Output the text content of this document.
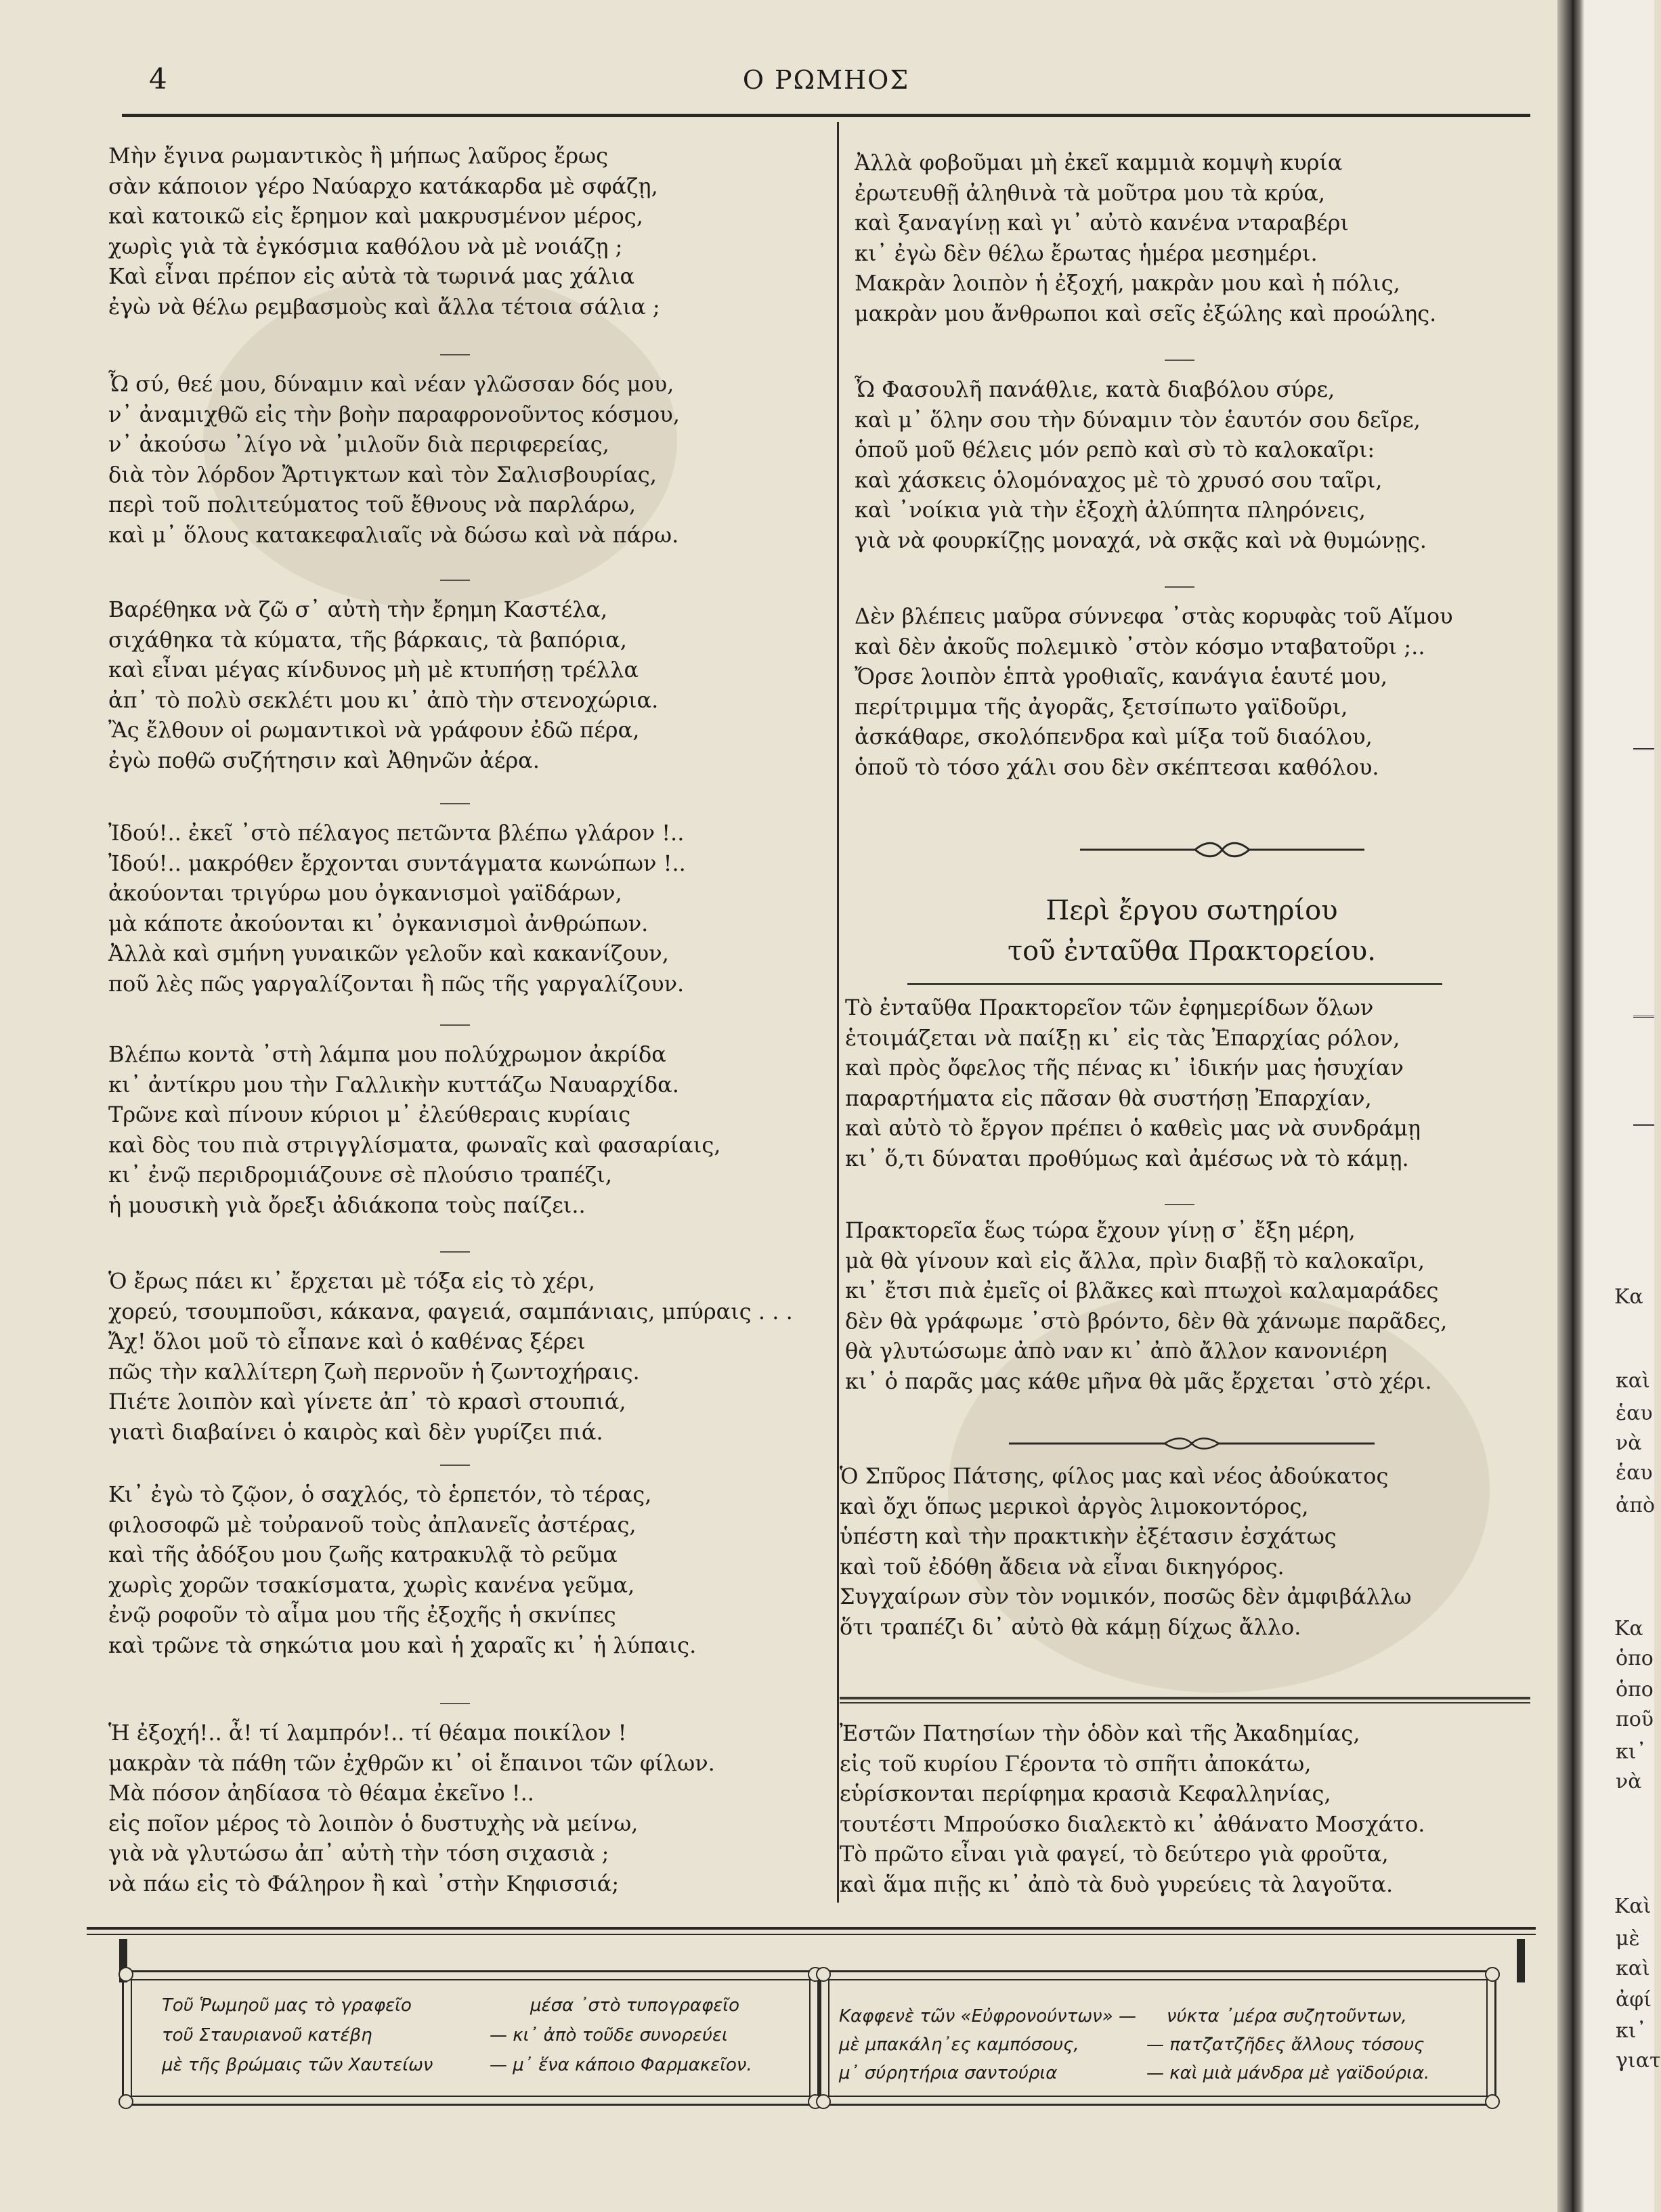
4	Ο ΡΩΜΗΟΣ
Μὴν ἔγινα ρωμαντικὸς ἢ μήπως λαῦρος ἔρως
σὰν κάποιον γέρο Ναύαρχο κατάκαρδα μὲ σφάζῃ,
καὶ κατοικῶ εἰς ἔρημον καὶ μακρυσμένον μέρος,
χωρὶς γιὰ τὰ ἐγκόσμια καθόλου νὰ μὲ νοιάζῃ ;
Καὶ εἶναι πρέπον εἰς αὐτὰ τὰ τωρινά μας χάλια
ἐγὼ νὰ θέλω ρεμβασμοὺς καὶ ἄλλα τέτοια σάλια ;
Ὦ σύ, θεέ μου, δύναμιν καὶ νέαν γλῶσσαν δός μου,
ν᾽ ἀναμιχθῶ εἰς τὴν βοὴν παραφρονοῦντος κόσμου,
ν᾽ ἀκούσω ᾽λίγο νὰ ᾽μιλοῦν διὰ περιφερείας,
διὰ τὸν λόρδον Ἄρτιγκτων καὶ τὸν Σαλισβουρίας,
περὶ τοῦ πολιτεύματος τοῦ ἔθνους νὰ παρλάρω,
καὶ μ᾽ ὅλους κατακεφαλιαῖς νὰ δώσω καὶ νὰ πάρω.
Βαρέθηκα νὰ ζῶ σ᾽ αὐτὴ τὴν ἔρημη Καστέλα,
σιχάθηκα τὰ κύματα, τῆς βάρκαις, τὰ βαπόρια,
καὶ εἶναι μέγας κίνδυνος μὴ μὲ κτυπήσῃ τρέλλα
ἀπ᾽ τὸ πολὺ σεκλέτι μου κι᾽ ἀπὸ τὴν στενοχώρια.
Ἂς ἔλθουν οἱ ρωμαντικοὶ νὰ γράφουν ἐδῶ πέρα,
ἐγὼ ποθῶ συζήτησιν καὶ Ἀθηνῶν ἀέρα.
Ἰδού!.. ἐκεῖ ᾽στὸ πέλαγος πετῶντα βλέπω γλάρον !..
Ἰδού!.. μακρόθεν ἔρχονται συντάγματα κωνώπων !..
ἀκούονται τριγύρω μου ὀγκανισμοὶ γαϊδάρων,
μὰ κάποτε ἀκούονται κι᾽ ὀγκανισμοὶ ἀνθρώπων.
Ἀλλὰ καὶ σμήνη γυναικῶν γελοῦν καὶ κακανίζουν,
ποῦ λὲς πῶς γαργαλίζονται ἢ πῶς τῆς γαργαλίζουν.
Βλέπω κοντὰ ᾽στὴ λάμπα μου πολύχρωμον ἀκρίδα
κι᾽ ἀντίκρυ μου τὴν Γαλλικὴν κυττάζω Ναυαρχίδα.
Τρῶνε καὶ πίνουν κύριοι μ᾽ ἐλεύθεραις κυρίαις
καὶ δὸς του πιὰ στριγγλίσματα, φωναῖς καὶ φασαρίαις,
κι᾽ ἐνῷ περιδρομιάζουνε σὲ πλούσιο τραπέζι,
ἡ μουσικὴ γιὰ ὄρεξι ἀδιάκοπα τοὺς παίζει..
Ὁ ἔρως πάει κι᾽ ἔρχεται μὲ τόξα εἰς τὸ χέρι,
χορεύ, τσουμποῦσι, κάκανα, φαγειά, σαμπάνιαις, μπύραις . . .
Ἄχ! ὅλοι μοῦ τὸ εἶπανε καὶ ὁ καθένας ξέρει
πῶς τὴν καλλίτερη ζωὴ περνοῦν ἡ ζωντοχήραις.
Πιέτε λοιπὸν καὶ γίνετε ἀπ᾽ τὸ κρασὶ στουπιά,
γιατὶ διαβαίνει ὁ καιρὸς καὶ δὲν γυρίζει πιά.
Κι᾽ ἐγὼ τὸ ζῷον, ὁ σαχλός, τὸ ἑρπετόν, τὸ τέρας,
φιλοσοφῶ μὲ τοὐρανοῦ τοὺς ἀπλανεῖς ἀστέρας,
καὶ τῆς ἀδόξου μου ζωῆς κατρακυλᾷ τὸ ρεῦμα
χωρὶς χορῶν τσακίσματα, χωρὶς κανένα γεῦμα,
ἐνῷ ροφοῦν τὸ αἷμα μου τῆς ἐξοχῆς ἡ σκνίπες
καὶ τρῶνε τὰ σηκώτια μου καὶ ἡ χαραῖς κι᾽ ἡ λύπαις.
Ἡ ἐξοχή!.. ἆ! τί λαμπρόν!.. τί θέαμα ποικίλον !
μακρὰν τὰ πάθη τῶν ἐχθρῶν κι᾽ οἱ ἔπαινοι τῶν φίλων.
Μὰ πόσον ἀηδίασα τὸ θέαμα ἐκεῖνο !..
εἰς ποῖον μέρος τὸ λοιπὸν ὁ δυστυχὴς νὰ μείνω,
γιὰ νὰ γλυτώσω ἀπ᾽ αὐτὴ τὴν τόση σιχασιὰ ;
νὰ πάω εἰς τὸ Φάληρον ἢ καὶ ᾽στὴν Κηφισσιά;
Ἀλλὰ φοβοῦμαι μὴ ἐκεῖ καμμιὰ κομψὴ κυρία
ἐρωτευθῇ ἀληθινὰ τὰ μοῦτρα μου τὰ κρύα,
καὶ ξαναγίνῃ καὶ γι᾽ αὐτὸ κανένα νταραβέρι
κι᾽ ἐγὼ δὲν θέλω ἔρωτας ἡμέρα μεσημέρι.
Μακρὰν λοιπὸν ἡ ἐξοχή, μακρὰν μου καὶ ἡ πόλις,
μακρὰν μου ἄνθρωποι καὶ σεῖς ἐξώλης καὶ προώλης.
Ὦ Φασουλῆ πανάθλιε, κατὰ διαβόλου σύρε,
καὶ μ᾽ ὅλην σου τὴν δύναμιν τὸν ἑαυτόν σου δεῖρε,
ὁποῦ μοῦ θέλεις μόν ρεπὸ καὶ σὺ τὸ καλοκαῖρι:
καὶ χάσκεις ὁλομόναχος μὲ τὸ χρυσό σου ταῖρι,
καὶ ᾽νοίκια γιὰ τὴν ἐξοχὴ ἀλύπητα πληρόνεις,
γιὰ νὰ φουρκίζῃς μοναχά, νὰ σκᾷς καὶ νὰ θυμώνῃς.
Δὲν βλέπεις μαῦρα σύννεφα ᾽στὰς κορυφὰς τοῦ Αἵμου
καὶ δὲν ἀκοῦς πολεμικὸ ᾽στὸν κόσμο νταβατοῦρι ;..
Ὄρσε λοιπὸν ἑπτὰ γροθιαῖς, κανάγια ἑαυτέ μου,
περίτριμμα τῆς ἀγορᾶς, ξετσίπωτο γαϊδοῦρι,
ἀσκάθαρε, σκολόπενδρα καὶ μίξα τοῦ διαόλου,
ὁποῦ τὸ τόσο χάλι σου δὲν σκέπτεσαι καθόλου.
Τὸ ἐνταῦθα Πρακτορεῖον τῶν ἐφημερίδων ὅλων
ἑτοιμάζεται νὰ παίξῃ κι᾽ εἰς τὰς Ἐπαρχίας ρόλον,
καὶ πρὸς ὄφελος τῆς πένας κι᾽ ἰδικήν μας ἡσυχίαν
παραρτήματα εἰς πᾶσαν θὰ συστήσῃ Ἐπαρχίαν,
καὶ αὐτὸ τὸ ἔργον πρέπει ὁ καθεὶς μας νὰ συνδράμῃ
κι᾽ ὅ,τι δύναται προθύμως καὶ ἀμέσως νὰ τὸ κάμῃ.
Πρακτορεῖα ἕως τώρα ἔχουν γίνῃ σ᾽ ἔξη μέρη,
μὰ θὰ γίνουν καὶ εἰς ἄλλα, πρὶν διαβῇ τὸ καλοκαῖρι,
κι᾽ ἔτσι πιὰ ἐμεῖς οἱ βλᾶκες καὶ πτωχοὶ καλαμαράδες
δὲν θὰ γράφωμε ᾽στὸ βρόντο, δὲν θὰ χάνωμε παρᾶδες,
θὰ γλυτώσωμε ἀπὸ ναν κι᾽ ἀπὸ ἄλλον κανονιέρη
κι᾽ ὁ παρᾶς μας κάθε μῆνα θὰ μᾶς ἔρχεται ᾽στὸ χέρι.
Ὁ Σπῦρος Πάτσης, φίλος μας καὶ νέος ἀδούκατος
καὶ ὄχι ὅπως μερικοὶ ἀργὸς λιμοκοντόρος,
ὑπέστη καὶ τὴν πρακτικὴν ἐξέτασιν ἐσχάτως
καὶ τοῦ ἐδόθη ἄδεια νὰ εἶναι δικηγόρος.
Συγχαίρων σὺν τὸν νομικόν, ποσῶς δὲν ἀμφιβάλλω
ὅτι τραπέζι δι᾽ αὐτὸ θὰ κάμῃ δίχως ἄλλο.
Ἐστῶν Πατησίων τὴν ὁδὸν καὶ τῆς Ἀκαδημίας,
εἰς τοῦ κυρίου Γέροντα τὸ σπῆτι ἀποκάτω,
εὑρίσκονται περίφημα κρασιὰ Κεφαλληνίας,
τουτέστι Μπρούσκο διαλεκτὸ κι᾽ ἀθάνατο Μοσχάτο.
Τὸ πρῶτο εἶναι γιὰ φαγεί, τὸ δεύτερο γιὰ φροῦτα,
καὶ ἅμα πιῇς κι᾽ ἀπὸ τὰ δυὸ γυρεύεις τὰ λαγοῦτα.
Περὶ ἔργου σωτηρίου
τοῦ ἐνταῦθα Πρακτορείου.
Τοῦ Ῥωμηοῦ μας τὸ γραφεῖο
τοῦ Σταυριανοῦ κατέβη
μὲ τῆς βρώμαις τῶν Χαυτείων
μέσα ᾽στὸ τυπογραφεῖο
— κι᾽ ἀπὸ τοῦδε συνορεύει
— μ᾽ ἕνα κάποιο Φαρμακεῖον.
Καφφενὲ τῶν «Εὐφρονούντων» —
μὲ μπακάλη᾽ες καμπόσους,
μ᾽ σύρητήρια σαντούρια
νύκτα ᾽μέρα συζητοῦντων,
— πατζατζῆδες ἄλλους τόσους
— καὶ μιὰ μάνδρα μὲ γαϊδούρια.
Κα
καὶ
ἑαυ
νὰ
ἑαυ
ἀπὸ
Κα
ὁπο
ὁπο
ποῦ
κι᾽
νὰ
Καὶ
μὲ
καὶ
ἀφί
κι᾽
γιατ
